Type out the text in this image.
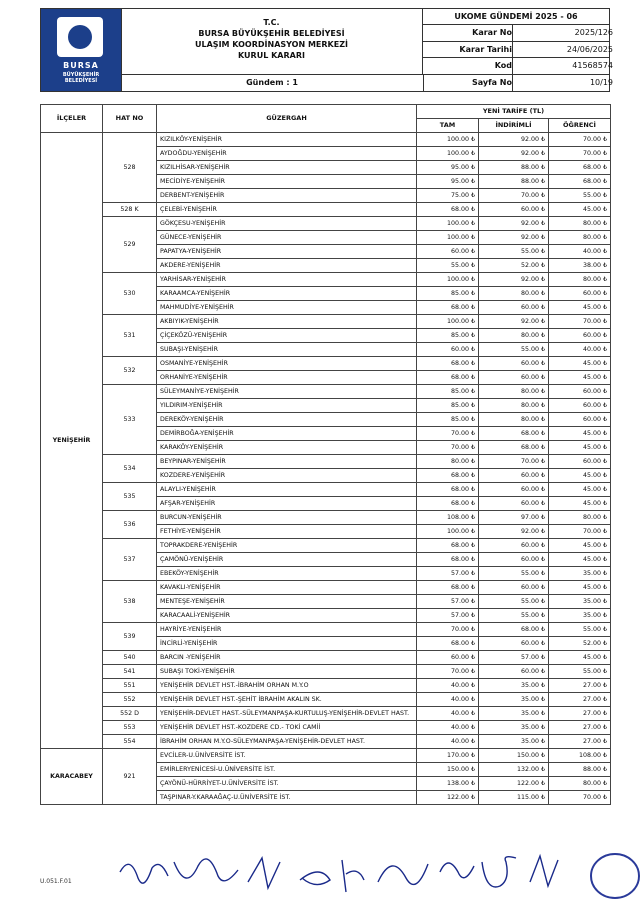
BURSA
BÜYÜKŞEHİR
BELEDİYESİ
T.C.
BURSA BÜYÜKŞEHİR BELEDİYESİ
ULAŞIM KOORDİNASYON MERKEZİ
KURUL KARARI
Gündem : 1
UKOME GÜNDEMİ 2025 - 06
Karar No	2025/126
Karar Tarihi	24/06/2025
Kod	41568574
Sayfa No	10/19
İLÇELER	HAT NO	GÜZERGAH	YENİ TARİFE (TL)		
			TAM	İNDİRİMLİ	ÖĞRENCİ
YENİŞEHİR	528	KIZILKÖY-YENİŞEHİR	100.00 ₺	92.00 ₺	70.00 ₺
		AYDOĞDU-YENİŞEHİR	100.00 ₺	92.00 ₺	70.00 ₺
		KIZILHİSAR-YENİŞEHİR	95.00 ₺	88.00 ₺	68.00 ₺
		MECİDİYE-YENİŞEHİR	95.00 ₺	88.00 ₺	68.00 ₺
		DERBENT-YENİŞEHİR	75.00 ₺	70.00 ₺	55.00 ₺
	528 K	ÇELEBİ-YENİŞEHİR	68.00 ₺	60.00 ₺	45.00 ₺
	529	GÖKÇESU-YENİŞEHİR	100.00 ₺	92.00 ₺	80.00 ₺
		GÜNECE-YENİŞEHİR	100.00 ₺	92.00 ₺	80.00 ₺
		PAPATYA-YENİŞEHİR	60.00 ₺	55.00 ₺	40.00 ₺
		AKDERE-YENİŞEHİR	55.00 ₺	52.00 ₺	38.00 ₺
	530	YARHİSAR-YENİŞEHİR	100.00 ₺	92.00 ₺	80.00 ₺
		KARAAMCA-YENİŞEHİR	85.00 ₺	80.00 ₺	60.00 ₺
		MAHMUDİYE-YENİŞEHİR	68.00 ₺	60.00 ₺	45.00 ₺
	531	AKBIYIK-YENİŞEHİR	100.00 ₺	92.00 ₺	70.00 ₺
		ÇİÇEKÖZÜ-YENİŞEHİR	85.00 ₺	80.00 ₺	60.00 ₺
		SUBAŞI-YENİŞEHİR	60.00 ₺	55.00 ₺	40.00 ₺
	532	OSMANİYE-YENİŞEHİR	68.00 ₺	60.00 ₺	45.00 ₺
		ORHANİYE-YENİŞEHİR	68.00 ₺	60.00 ₺	45.00 ₺
	533	SÜLEYMANİYE-YENİŞEHİR	85.00 ₺	80.00 ₺	60.00 ₺
		YILDIRIM-YENİŞEHİR	85.00 ₺	80.00 ₺	60.00 ₺
		DEREKÖY-YENİŞEHİR	85.00 ₺	80.00 ₺	60.00 ₺
		DEMİRBOĞA-YENİŞEHİR	70.00 ₺	68.00 ₺	45.00 ₺
		KARAKÖY-YENİŞEHİR	70.00 ₺	68.00 ₺	45.00 ₺
	534	BEYPINAR-YENİŞEHİR	80.00 ₺	70.00 ₺	60.00 ₺
		KOZDERE-YENİŞEHİR	68.00 ₺	60.00 ₺	45.00 ₺
	535	ALAYLI-YENİŞEHİR	68.00 ₺	60.00 ₺	45.00 ₺
		AFŞAR-YENİŞEHİR	68.00 ₺	60.00 ₺	45.00 ₺
	536	BURCUN-YENİŞEHİR	108.00 ₺	97.00 ₺	80.00 ₺
		FETHİYE-YENİŞEHİR	100.00 ₺	92.00 ₺	70.00 ₺
	537	TOPRAKDERE-YENİŞEHİR	68.00 ₺	60.00 ₺	45.00 ₺
		ÇAMÖNÜ-YENİŞEHİR	68.00 ₺	60.00 ₺	45.00 ₺
		EBEKÖY-YENİŞEHİR	57.00 ₺	55.00 ₺	35.00 ₺
	538	KAVAKLI-YENİŞEHİR	68.00 ₺	60.00 ₺	45.00 ₺
		MENTEŞE-YENİŞEHİR	57.00 ₺	55.00 ₺	35.00 ₺
		KARACAALİ-YENİŞEHİR	57.00 ₺	55.00 ₺	35.00 ₺
	539	HAYRİYE-YENİŞEHİR	70.00 ₺	68.00 ₺	55.00 ₺
		İNCİRLİ-YENİŞEHİR	68.00 ₺	60.00 ₺	52.00 ₺
	540	BARCIN -YENİŞEHİR	60.00 ₺	57.00 ₺	45.00 ₺
	541	SUBAŞI TOKİ-YENİŞEHİR	70.00 ₺	60.00 ₺	55.00 ₺
	551	YENİŞEHİR DEVLET HST.-İBRAHİM ORHAN M.Y.O	40.00 ₺	35.00 ₺	27.00 ₺
	552	YENİŞEHİR DEVLET HST.-ŞEHİT İBRAHİM AKALIN SK.	40.00 ₺	35.00 ₺	27.00 ₺
	552 D	YENİŞEHİR-DEVLET HAST.-SÜLEYMANPAŞA-KURTULUŞ-YENİŞEHİR-DEVLET HAST.	40.00 ₺	35.00 ₺	27.00 ₺
	553	YENİŞEHİR DEVLET HST.-KOZDERE CD.- TOKİ CAMİİ	40.00 ₺	35.00 ₺	27.00 ₺
	554	İBRAHİM ORHAN M.Y.O-SÜLEYMANPAŞA-YENİŞEHİR-DEVLET HAST.	40.00 ₺	35.00 ₺	27.00 ₺
KARACABEY	921	EVCİLER-U.ÜNİVERSİTE İST.	170.00 ₺	150.00 ₺	108.00 ₺
		EMİRLERYENİCESİ-U.ÜNİVERSİTE İST.	150.00 ₺	132.00 ₺	88.00 ₺
		ÇAYÖNÜ-HÜRRİYET-U.ÜNİVERSİTE İST.	138.00 ₺	122.00 ₺	80.00 ₺
		TAŞPINAR-Y.KARAAĞAÇ-U.ÜNİVERSİTE İST.	122.00 ₺	115.00 ₺	70.00 ₺
U.051.F.01
